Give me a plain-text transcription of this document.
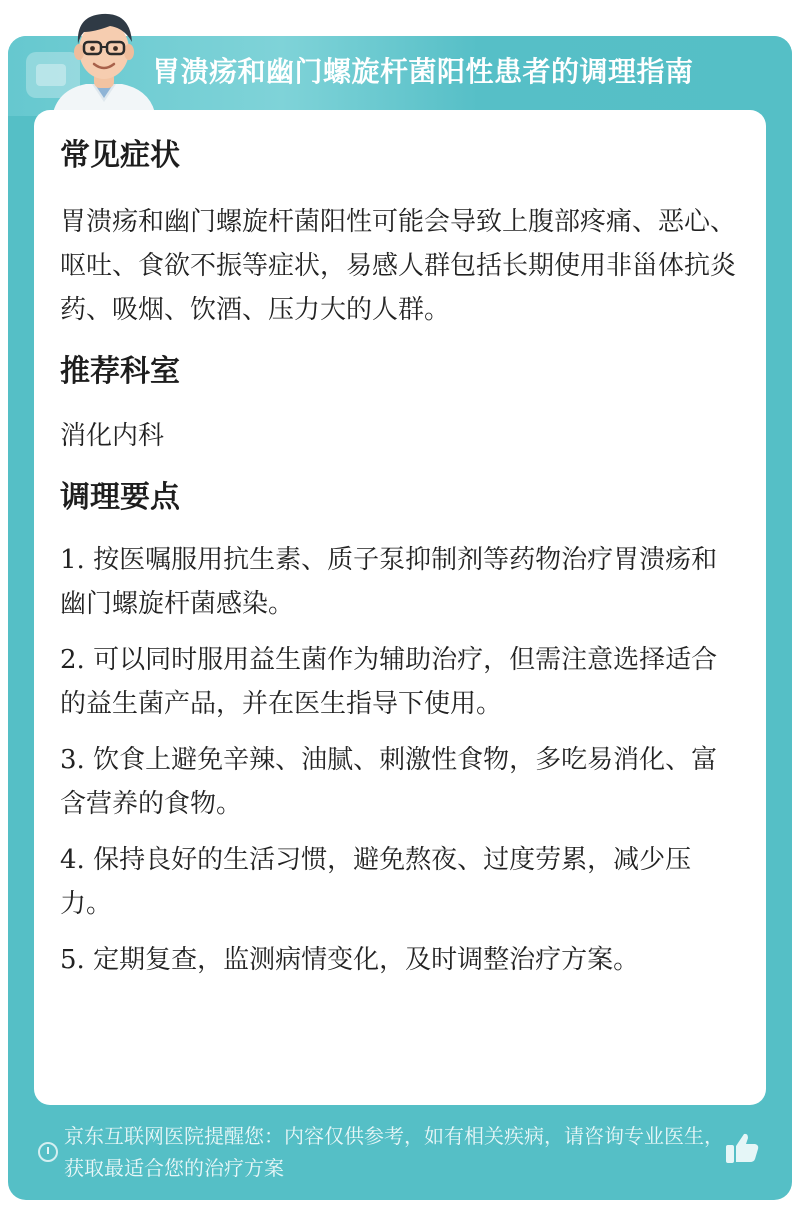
胃溃疡和幽门螺旋杆菌阳性患者的调理指南

常见症状

胃溃疡和幽门螺旋杆菌阳性可能会导致上腹部疼痛、恶心、呕吐、食欲不振等症状，易感人群包括长期使用非甾体抗炎药、吸烟、饮酒、压力大的人群。

推荐科室

消化内科

调理要点

1. 按医嘱服用抗生素、质子泵抑制剂等药物治疗胃溃疡和幽门螺旋杆菌感染。

2. 可以同时服用益生菌作为辅助治疗，但需注意选择适合的益生菌产品，并在医生指导下使用。

3. 饮食上避免辛辣、油腻、刺激性食物，多吃易消化、富含营养的食物。

4. 保持良好的生活习惯，避免熬夜、过度劳累，减少压力。

5. 定期复查，监测病情变化，及时调整治疗方案。

京东互联网医院提醒您：内容仅供参考，如有相关疾病，请咨询专业医生，获取最适合您的治疗方案
